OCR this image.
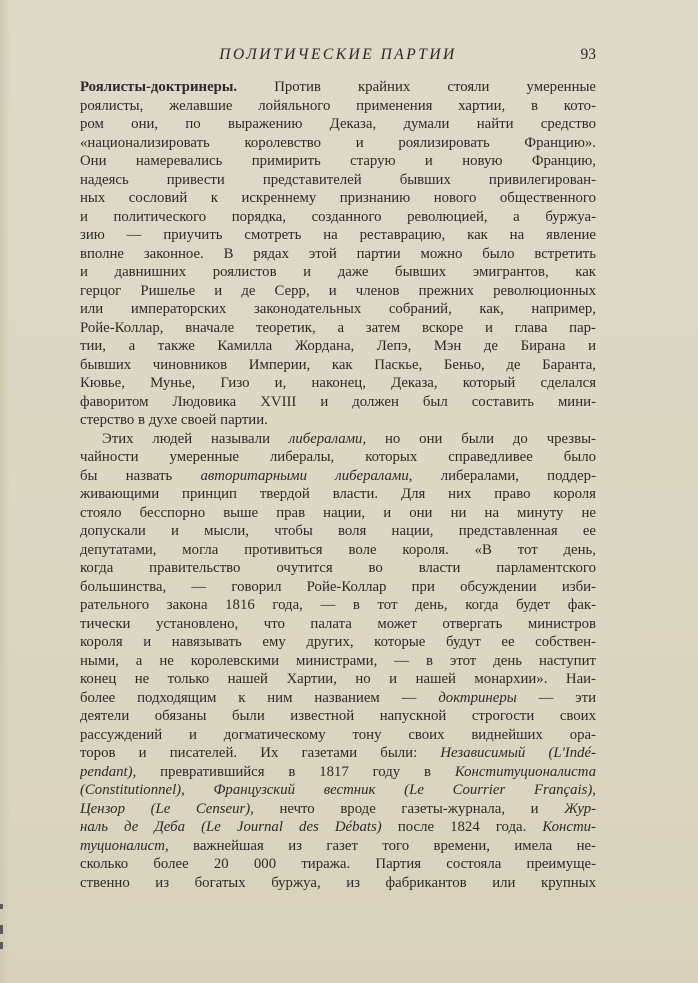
ПОЛИТИЧЕСКИЕ ПАРТИИ	93
Роялисты-доктринеры. Против крайних стояли умеренные
роялисты, желавшие лойяльного применения хартии, в кото-
ром они, по выражению Деказа, думали найти средство
«национализировать королевство и роялизировать Францию».
Они намеревались примирить старую и новую Францию,
надеясь привести представителей бывших привилегирован-
ных сословий к искреннему признанию нового общественного
и политического порядка, созданного революцией, а буржуа-
зию — приучить смотреть на реставрацию, как на явление
вполне законное. В рядах этой партии можно было встретить
и давнишних роялистов и даже бывших эмигрантов, как
герцог Ришелье и де Серр, и членов прежних революционных
или императорских законодательных собраний, как, например,
Ройе-Коллар, вначале теоретик, а затем вскоре и глава пар-
тии, а также Камилла Жордана, Лепэ, Мэн де Бирана и
бывших чиновников Империи, как Паскье, Беньо, де Баранта,
Кювье, Мунье, Гизо и, наконец, Деказа, который сделался
фаворитом Людовика XVIII и должен был составить мини-
стерство в духе своей партии.
Этих людей называли либералами, но они были до чрезвы-
чайности умеренные либералы, которых справедливее было
бы назвать авторитарными либералами, либералами, поддер-
живающими принцип твердой власти. Для них право короля
стояло бесспорно выше прав нации, и они ни на минуту не
допускали и мысли, чтобы воля нации, представленная ее
депутатами, могла противиться воле короля. «В тот день,
когда правительство очутится во власти парламентского
большинства, — говорил Ройе-Коллар при обсуждении изби-
рательного закона 1816 года, — в тот день, когда будет фак-
тически установлено, что палата может отвергать министров
короля и навязывать ему других, которые будут ее собствен-
ными, а не королевскими министрами, — в этот день наступит
конец не только нашей Хартии, но и нашей монархии». Наи-
более подходящим к ним названием — доктринеры — эти
деятели обязаны были известной напускной строгости своих
рассуждений и догматическому тону своих виднейших ора-
торов и писателей. Их газетами были: Независимый (L'Indé-
pendant), превратившийся в 1817 году в Конституционалиста
(Constitutionnel), Французский вестник (Le Courrier Français),
Цензор (Le Censeur), нечто вроде газеты-журнала, и Жур-
наль де Деба (Le Journal des Débats) после 1824 года. Консти-
туционалист, важнейшая из газет того времени, имела не-
сколько более 20 000 тиража. Партия состояла преимуще-
ственно из богатых буржуа, из фабрикантов или крупных
